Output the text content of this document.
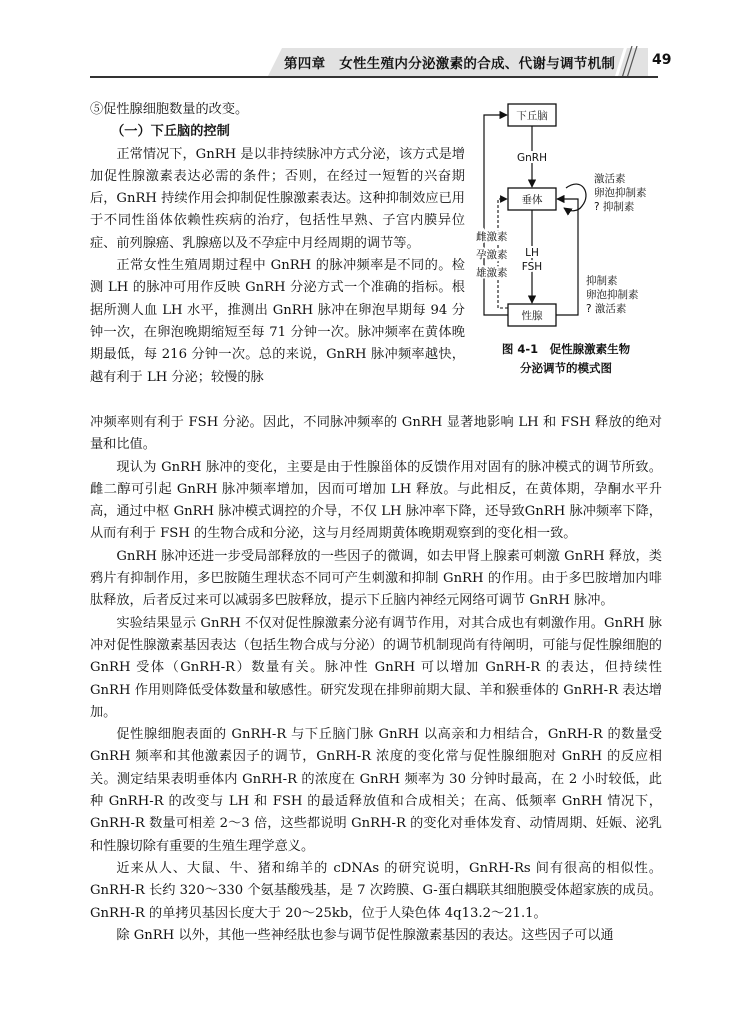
第四章　女性生殖内分泌激素的合成、代谢与调节机制	49
⑤促性腺细胞数量的改变。
（一）下丘脑的控制
正常情况下，GnRH 是以非持续脉冲方式分泌，该方式是增加促性腺激素表达必需的条件；否则，在经过一短暂的兴奋期后，GnRH 持续作用会抑制促性腺激素表达。这种抑制效应已用于不同性甾体依赖性疾病的治疗，包括性早熟、子宫内膜异位症、前列腺癌、乳腺癌以及不孕症中月经周期的调节等。
正常女性生殖周期过程中 GnRH 的脉冲频率是不同的。检测 LH 的脉冲可用作反映 GnRH 分泌方式一个准确的指标。根据所测人血 LH 水平，推测出 GnRH 脉冲在卵泡早期每 94 分钟一次，在卵泡晚期缩短至每 71 分钟一次。脉冲频率在黄体晚期最低，每 216 分钟一次。总的来说，GnRH 脉冲频率越快，越有利于 LH 分泌；较慢的脉
下丘脑
垂体
性腺
GnRH
LH
FSH
雌激素
孕激素
雄激素
激活素
卵泡抑制素
? 抑制素
抑制素
卵泡抑制素
? 激活素
图 4-1　促性腺激素生物
分泌调节的模式图
冲频率则有利于 FSH 分泌。因此，不同脉冲频率的 GnRH 显著地影响 LH 和 FSH 释放的绝对量和比值。
现认为 GnRH 脉冲的变化，主要是由于性腺甾体的反馈作用对固有的脉冲模式的调节所致。雌二醇可引起 GnRH 脉冲频率增加，因而可增加 LH 释放。与此相反，在黄体期，孕酮水平升高，通过中枢 GnRH 脉冲模式调控的介导，不仅 LH 脉冲率下降，还导致GnRH 脉冲频率下降，从而有利于 FSH 的生物合成和分泌，这与月经周期黄体晚期观察到的变化相一致。
GnRH 脉冲还进一步受局部释放的一些因子的微调，如去甲肾上腺素可刺激 GnRH 释放，类鸦片有抑制作用，多巴胺随生理状态不同可产生刺激和抑制 GnRH 的作用。由于多巴胺增加内啡肽释放，后者反过来可以减弱多巴胺释放，提示下丘脑内神经元网络可调节 GnRH 脉冲。
实验结果显示 GnRH 不仅对促性腺激素分泌有调节作用，对其合成也有刺激作用。GnRH 脉冲对促性腺激素基因表达（包括生物合成与分泌）的调节机制现尚有待阐明，可能与促性腺细胞的 GnRH 受体（GnRH-R）数量有关。脉冲性 GnRH 可以增加 GnRH-R 的表达，但持续性 GnRH 作用则降低受体数量和敏感性。研究发现在排卵前期大鼠、羊和猴垂体的 GnRH-R 表达增加。
促性腺细胞表面的 GnRH-R 与下丘脑门脉 GnRH 以高亲和力相结合，GnRH-R 的数量受 GnRH 频率和其他激素因子的调节，GnRH-R 浓度的变化常与促性腺细胞对 GnRH 的反应相关。测定结果表明垂体内 GnRH-R 的浓度在 GnRH 频率为 30 分钟时最高，在 2 小时较低，此种 GnRH-R 的改变与 LH 和 FSH 的最适释放值和合成相关；在高、低频率 GnRH 情况下，GnRH-R 数量可相差 2～3 倍，这些都说明 GnRH-R 的变化对垂体发育、动情周期、妊娠、泌乳和性腺切除有重要的生殖生理学意义。
近来从人、大鼠、牛、猪和绵羊的 cDNAs 的研究说明，GnRH-Rs 间有很高的相似性。GnRH-R 长约 320～330 个氨基酸残基，是 7 次跨膜、G-蛋白耦联其细胞膜受体超家族的成员。GnRH-R 的单拷贝基因长度大于 20～25kb，位于人染色体 4q13.2～21.1。
除 GnRH 以外，其他一些神经肽也参与调节促性腺激素基因的表达。这些因子可以通
